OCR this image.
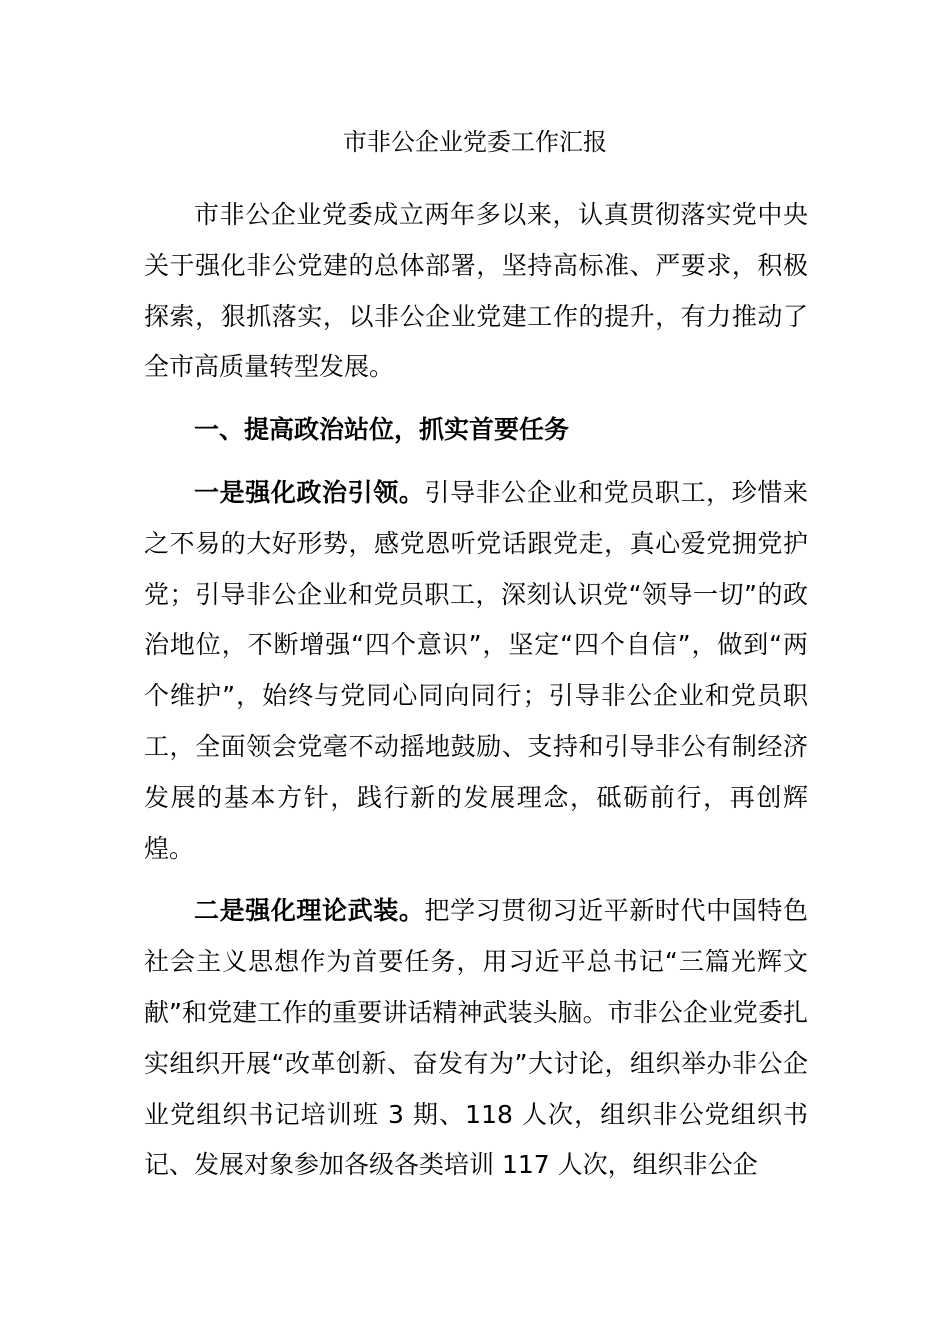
市非公企业党委工作汇报

市非公企业党委成立两年多以来，认真贯彻落实党中央关于强化非公党建的总体部署，坚持高标准、严要求，积极探索，狠抓落实，以非公企业党建工作的提升，有力推动了全市高质量转型发展。

一、提高政治站位，抓实首要任务

一是强化政治引领。引导非公企业和党员职工，珍惜来之不易的大好形势，感党恩听党话跟党走，真心爱党拥党护党；引导非公企业和党员职工，深刻认识党“领导一切”的政治地位，不断增强“四个意识”，坚定“四个自信”，做到“两个维护”，始终与党同心同向同行；引导非公企业和党员职工，全面领会党毫不动摇地鼓励、支持和引导非公有制经济发展的基本方针，践行新的发展理念，砥砺前行，再创辉煌。

二是强化理论武装。把学习贯彻习近平新时代中国特色社会主义思想作为首要任务，用习近平总书记“三篇光辉文献”和党建工作的重要讲话精神武装头脑。市非公企业党委扎实组织开展“改革创新、奋发有为”大讨论，组织举办非公企业党组织书记培训班 3 期、118 人次，组织非公党组织书记、发展对象参加各级各类培训 117 人次，组织非公企
